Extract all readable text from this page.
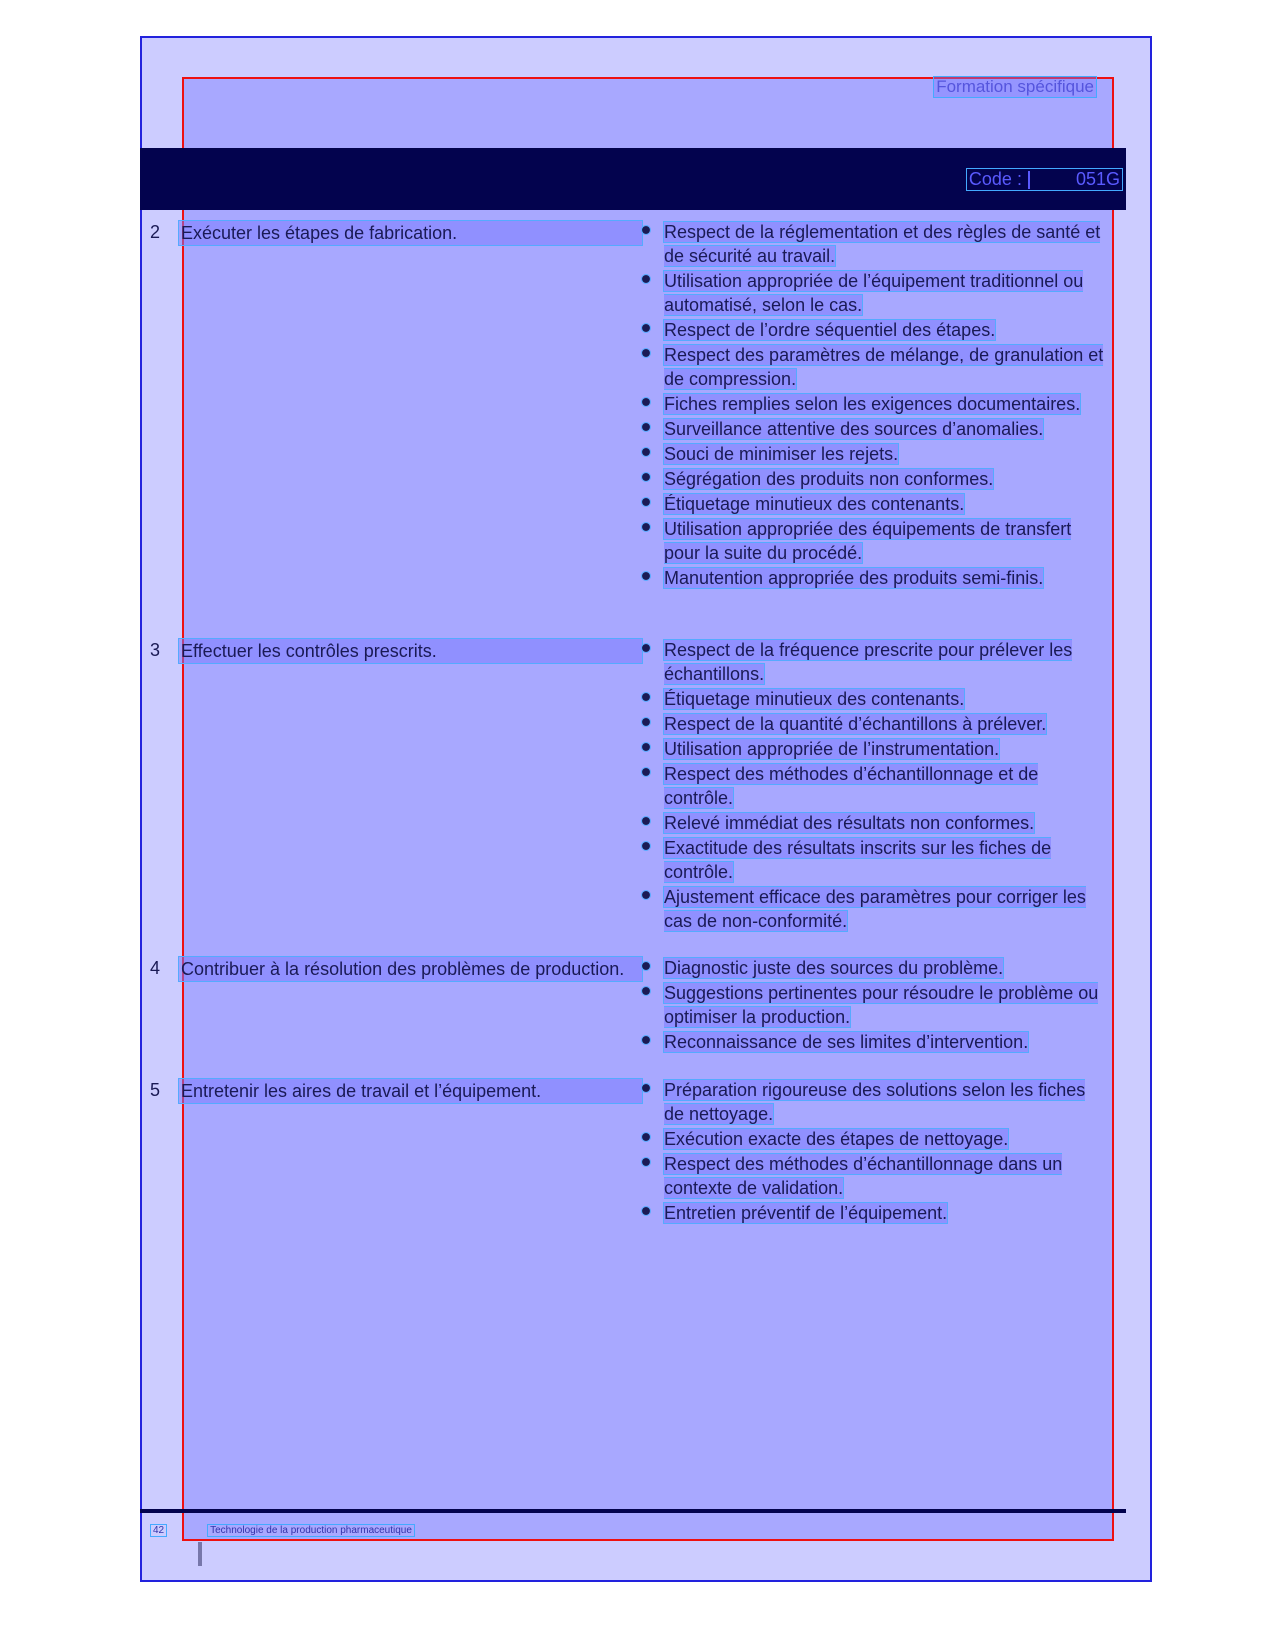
Formation spécifique
Code :	051G
2	Exécuter les étapes de fabrication.	Respect de la réglementation et des règles de santé et de sécurité au travail.
Utilisation appropriée de l’équipement traditionnel ou automatisé, selon le cas.
Respect de l’ordre séquentiel des étapes.
Respect des paramètres de mélange, de granulation et de compression.
Fiches remplies selon les exigences documentaires.
Surveillance attentive des sources d’anomalies.
Souci de minimiser les rejets.
Ségrégation des produits non conformes.
Étiquetage minutieux des contenants.
Utilisation appropriée des équipements de transfert pour la suite du procédé.
Manutention appropriée des produits semi-finis.
3	Effectuer les contrôles prescrits.	Respect de la fréquence prescrite pour prélever les échantillons.
Étiquetage minutieux des contenants.
Respect de la quantité d’échantillons à prélever.
Utilisation appropriée de l’instrumentation.
Respect des méthodes d’échantillonnage et de contrôle.
Relevé immédiat des résultats non conformes.
Exactitude des résultats inscrits sur les fiches de contrôle.
Ajustement efficace des paramètres pour corriger les cas de non-conformité.
4	Contribuer à la résolution des problèmes de production.	Diagnostic juste des sources du problème.
Suggestions pertinentes pour résoudre le problème ou optimiser la production.
Reconnaissance de ses limites d’intervention.
5	Entretenir les aires de travail et l’équipement.	Préparation rigoureuse des solutions selon les fiches de nettoyage.
Exécution exacte des étapes de nettoyage.
Respect des méthodes d’échantillonnage dans un contexte de validation.
Entretien préventif de l’équipement.
42	Technologie de la production pharmaceutique
